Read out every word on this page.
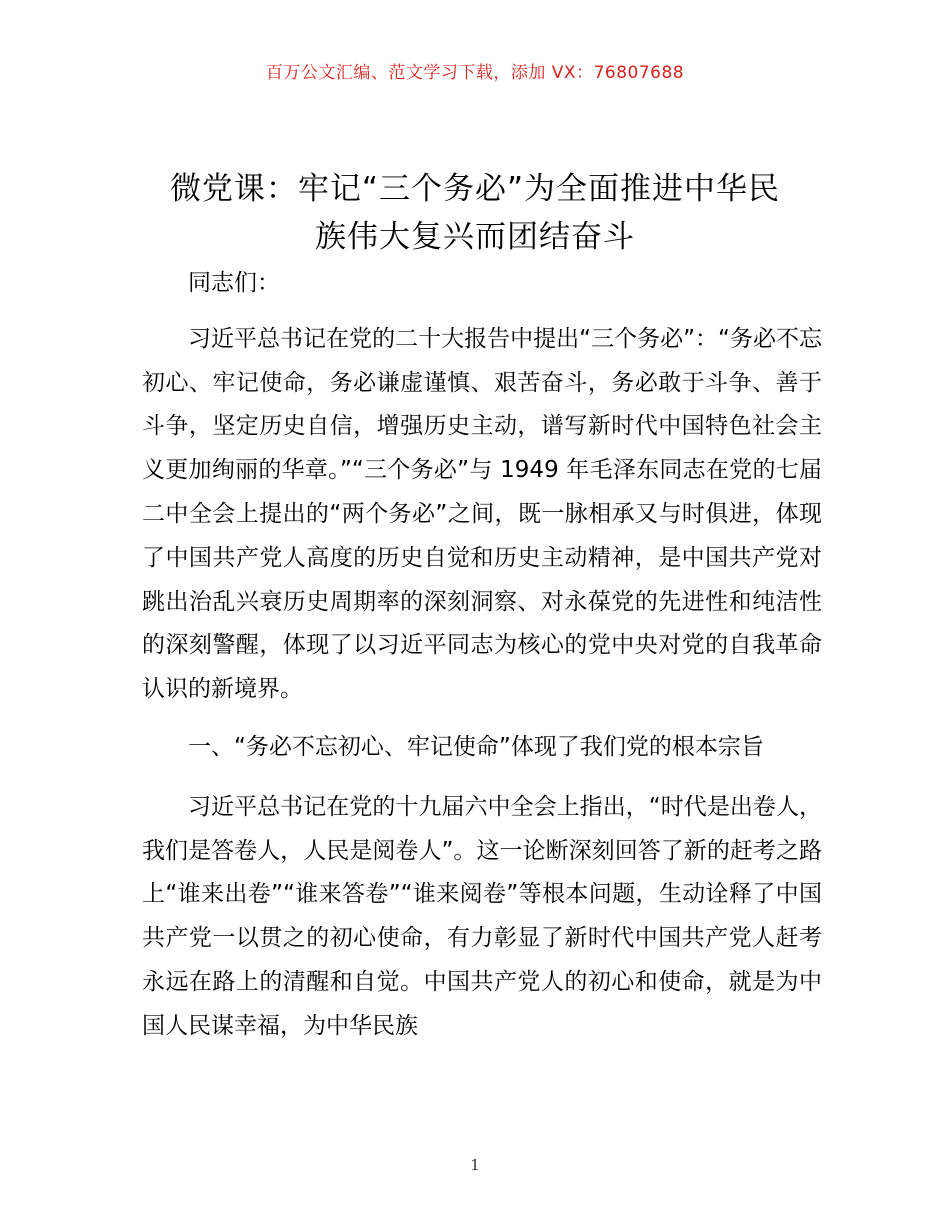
百万公文汇编、范文学习下载，添加 VX：76807688
微党课：牢记“三个务必”为全面推进中华民
族伟大复兴而团结奋斗

同志们：

习近平总书记在党的二十大报告中提出“三个务必”：“务必不忘初心、牢记使命，务必谦虚谨慎、艰苦奋斗，务必敢于斗争、善于斗争，坚定历史自信，增强历史主动，谱写新时代中国特色社会主义更加绚丽的华章。”“三个务必”与 1949 年毛泽东同志在党的七届二中全会上提出的“两个务必”之间，既一脉相承又与时俱进，体现了中国共产党人高度的历史自觉和历史主动精神，是中国共产党对跳出治乱兴衰历史周期率的深刻洞察、对永葆党的先进性和纯洁性的深刻警醒，体现了以习近平同志为核心的党中央对党的自我革命认识的新境界。

一、“务必不忘初心、牢记使命”体现了我们党的根本宗旨

习近平总书记在党的十九届六中全会上指出，“时代是出卷人，我们是答卷人，人民是阅卷人”。这一论断深刻回答了新的赶考之路上“谁来出卷”“谁来答卷”“谁来阅卷”等根本问题，生动诠释了中国共产党一以贯之的初心使命，有力彰显了新时代中国共产党人赶考永远在路上的清醒和自觉。中国共产党人的初心和使命，就是为中国人民谋幸福，为中华民族

1
